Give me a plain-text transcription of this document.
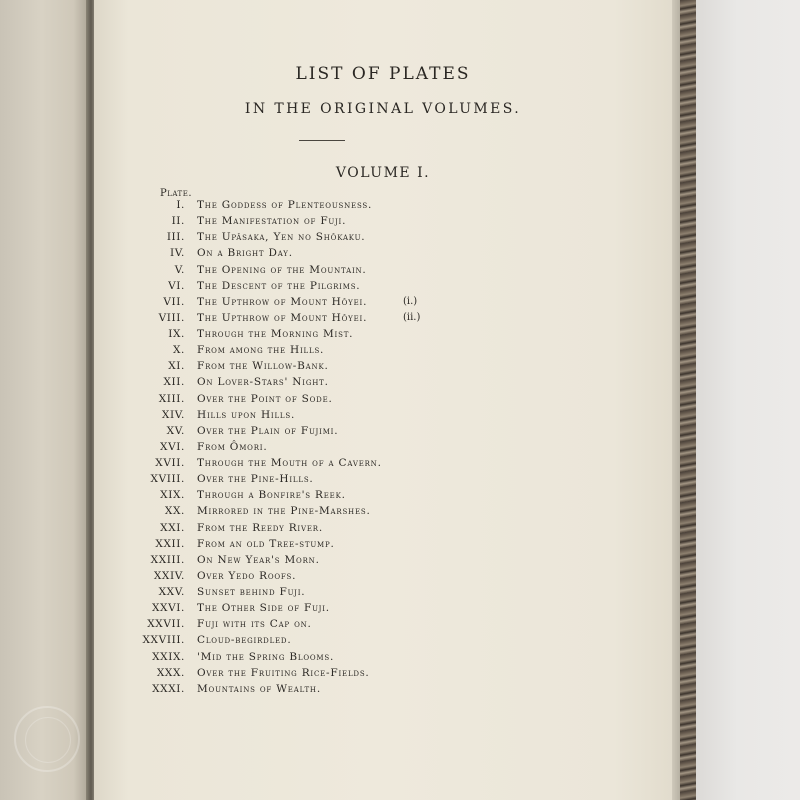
LIST OF PLATES
IN THE ORIGINAL VOLUMES.
VOLUME I.
Plate.
I. The Goddess of Plenteousness.
II. The Manifestation of Fuji.
III. The Upâsaka, Yen no Shôkaku.
IV. On a Bright Day.
V. The Opening of the Mountain.
VI. The Descent of the Pilgrims.
VII. The Upthrow of Mount Hôyei.	(i.)
VIII. The Upthrow of Mount Hôyei.	(ii.)
IX. Through the Morning Mist.
X. From among the Hills.
XI. From the Willow-Bank.
XII. On Lover-Stars' Night.
XIII. Over the Point of Sode.
XIV. Hills upon Hills.
XV. Over the Plain of Fujimi.
XVI. From Ômori.
XVII. Through the Mouth of a Cavern.
XVIII. Over the Pine-Hills.
XIX. Through a Bonfire's Reek.
XX. Mirrored in the Pine-Marshes.
XXI. From the Reedy River.
XXII. From an old Tree-stump.
XXIII. On New Year's Morn.
XXIV. Over Yedo Roofs.
XXV. Sunset behind Fuji.
XXVI. The Other Side of Fuji.
XXVII. Fuji with its Cap on.
XXVIII. Cloud-begirdled.
XXIX. 'Mid the Spring Blooms.
XXX. Over the Fruiting Rice-Fields.
XXXI. Mountains of Wealth.
